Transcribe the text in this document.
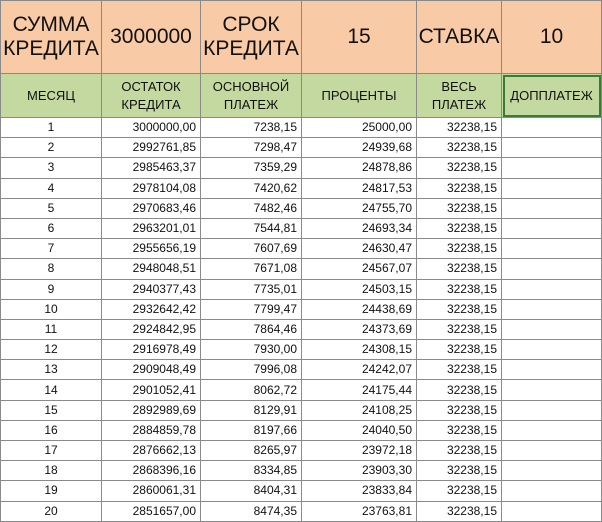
СУММА КРЕДИТА	3000000	СРОК КРЕДИТА	15	СТАВКА	10
МЕСЯЦ	ОСТАТОК КРЕДИТА	ОСНОВНОЙ ПЛАТЕЖ	ПРОЦЕНТЫ	ВЕСЬ ПЛАТЕЖ	ДОППЛАТЕЖ
1	3000000,00	7238,15	25000,00	32238,15	
2	2992761,85	7298,47	24939,68	32238,15	
3	2985463,37	7359,29	24878,86	32238,15	
4	2978104,08	7420,62	24817,53	32238,15	
5	2970683,46	7482,46	24755,70	32238,15	
6	2963201,01	7544,81	24693,34	32238,15	
7	2955656,19	7607,69	24630,47	32238,15	
8	2948048,51	7671,08	24567,07	32238,15	
9	2940377,43	7735,01	24503,15	32238,15	
10	2932642,42	7799,47	24438,69	32238,15	
11	2924842,95	7864,46	24373,69	32238,15	
12	2916978,49	7930,00	24308,15	32238,15	
13	2909048,49	7996,08	24242,07	32238,15	
14	2901052,41	8062,72	24175,44	32238,15	
15	2892989,69	8129,91	24108,25	32238,15	
16	2884859,78	8197,66	24040,50	32238,15	
17	2876662,13	8265,97	23972,18	32238,15	
18	2868396,16	8334,85	23903,30	32238,15	
19	2860061,31	8404,31	23833,84	32238,15	
20	2851657,00	8474,35	23763,81	32238,15	
